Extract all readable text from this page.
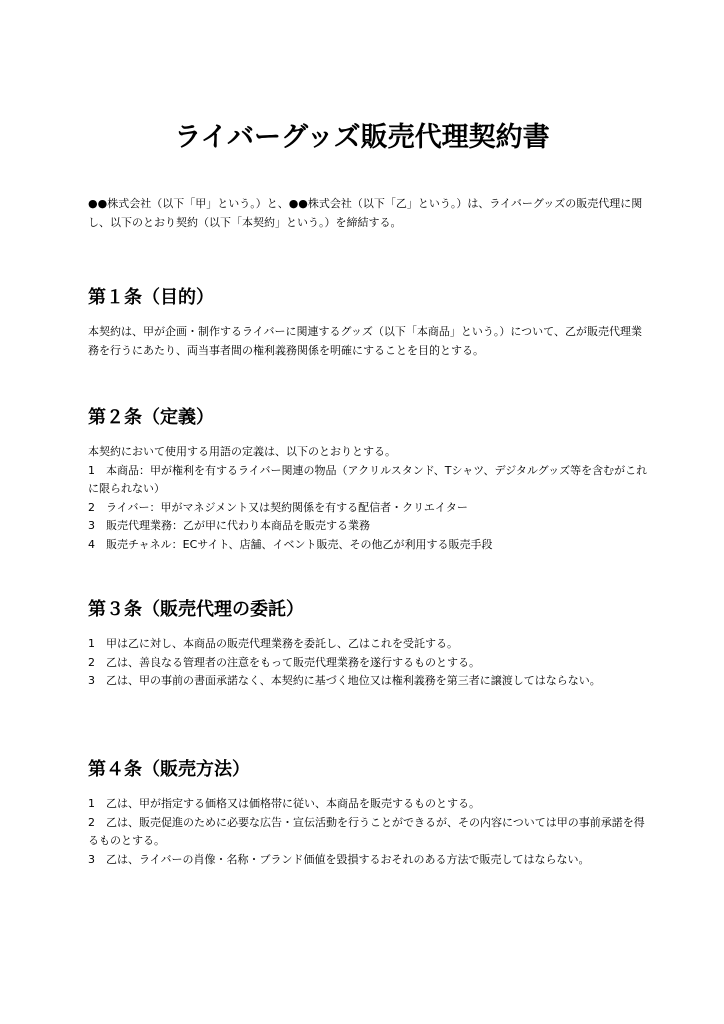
ライバーグッズ販売代理契約書

●●株式会社（以下「甲」という。）と、●●株式会社（以下「乙」という。）は、ライバーグッズの販売代理に関し、以下のとおり契約（以下「本契約」という。）を締結する。

第１条（目的）

本契約は、甲が企画・制作するライバーに関連するグッズ（以下「本商品」という。）について、乙が販売代理業務を行うにあたり、両当事者間の権利義務関係を明確にすることを目的とする。

第２条（定義）

本契約において使用する用語の定義は、以下のとおりとする。

1　本商品：甲が権利を有するライバー関連の物品（アクリルスタンド、Tシャツ、デジタルグッズ等を含むがこれに限られない）
2　ライバー：甲がマネジメント又は契約関係を有する配信者・クリエイター
3　販売代理業務：乙が甲に代わり本商品を販売する業務
4　販売チャネル：ECサイト、店舗、イベント販売、その他乙が利用する販売手段
第３条（販売代理の委託）
1　甲は乙に対し、本商品の販売代理業務を委託し、乙はこれを受託する。
2　乙は、善良なる管理者の注意をもって販売代理業務を遂行するものとする。
3　乙は、甲の事前の書面承諾なく、本契約に基づく地位又は権利義務を第三者に譲渡してはならない。
第４条（販売方法）
1　乙は、甲が指定する価格又は価格帯に従い、本商品を販売するものとする。
2　乙は、販売促進のために必要な広告・宣伝活動を行うことができるが、その内容については甲の事前承諾を得るものとする。
3　乙は、ライバーの肖像・名称・ブランド価値を毀損するおそれのある方法で販売してはならない。
